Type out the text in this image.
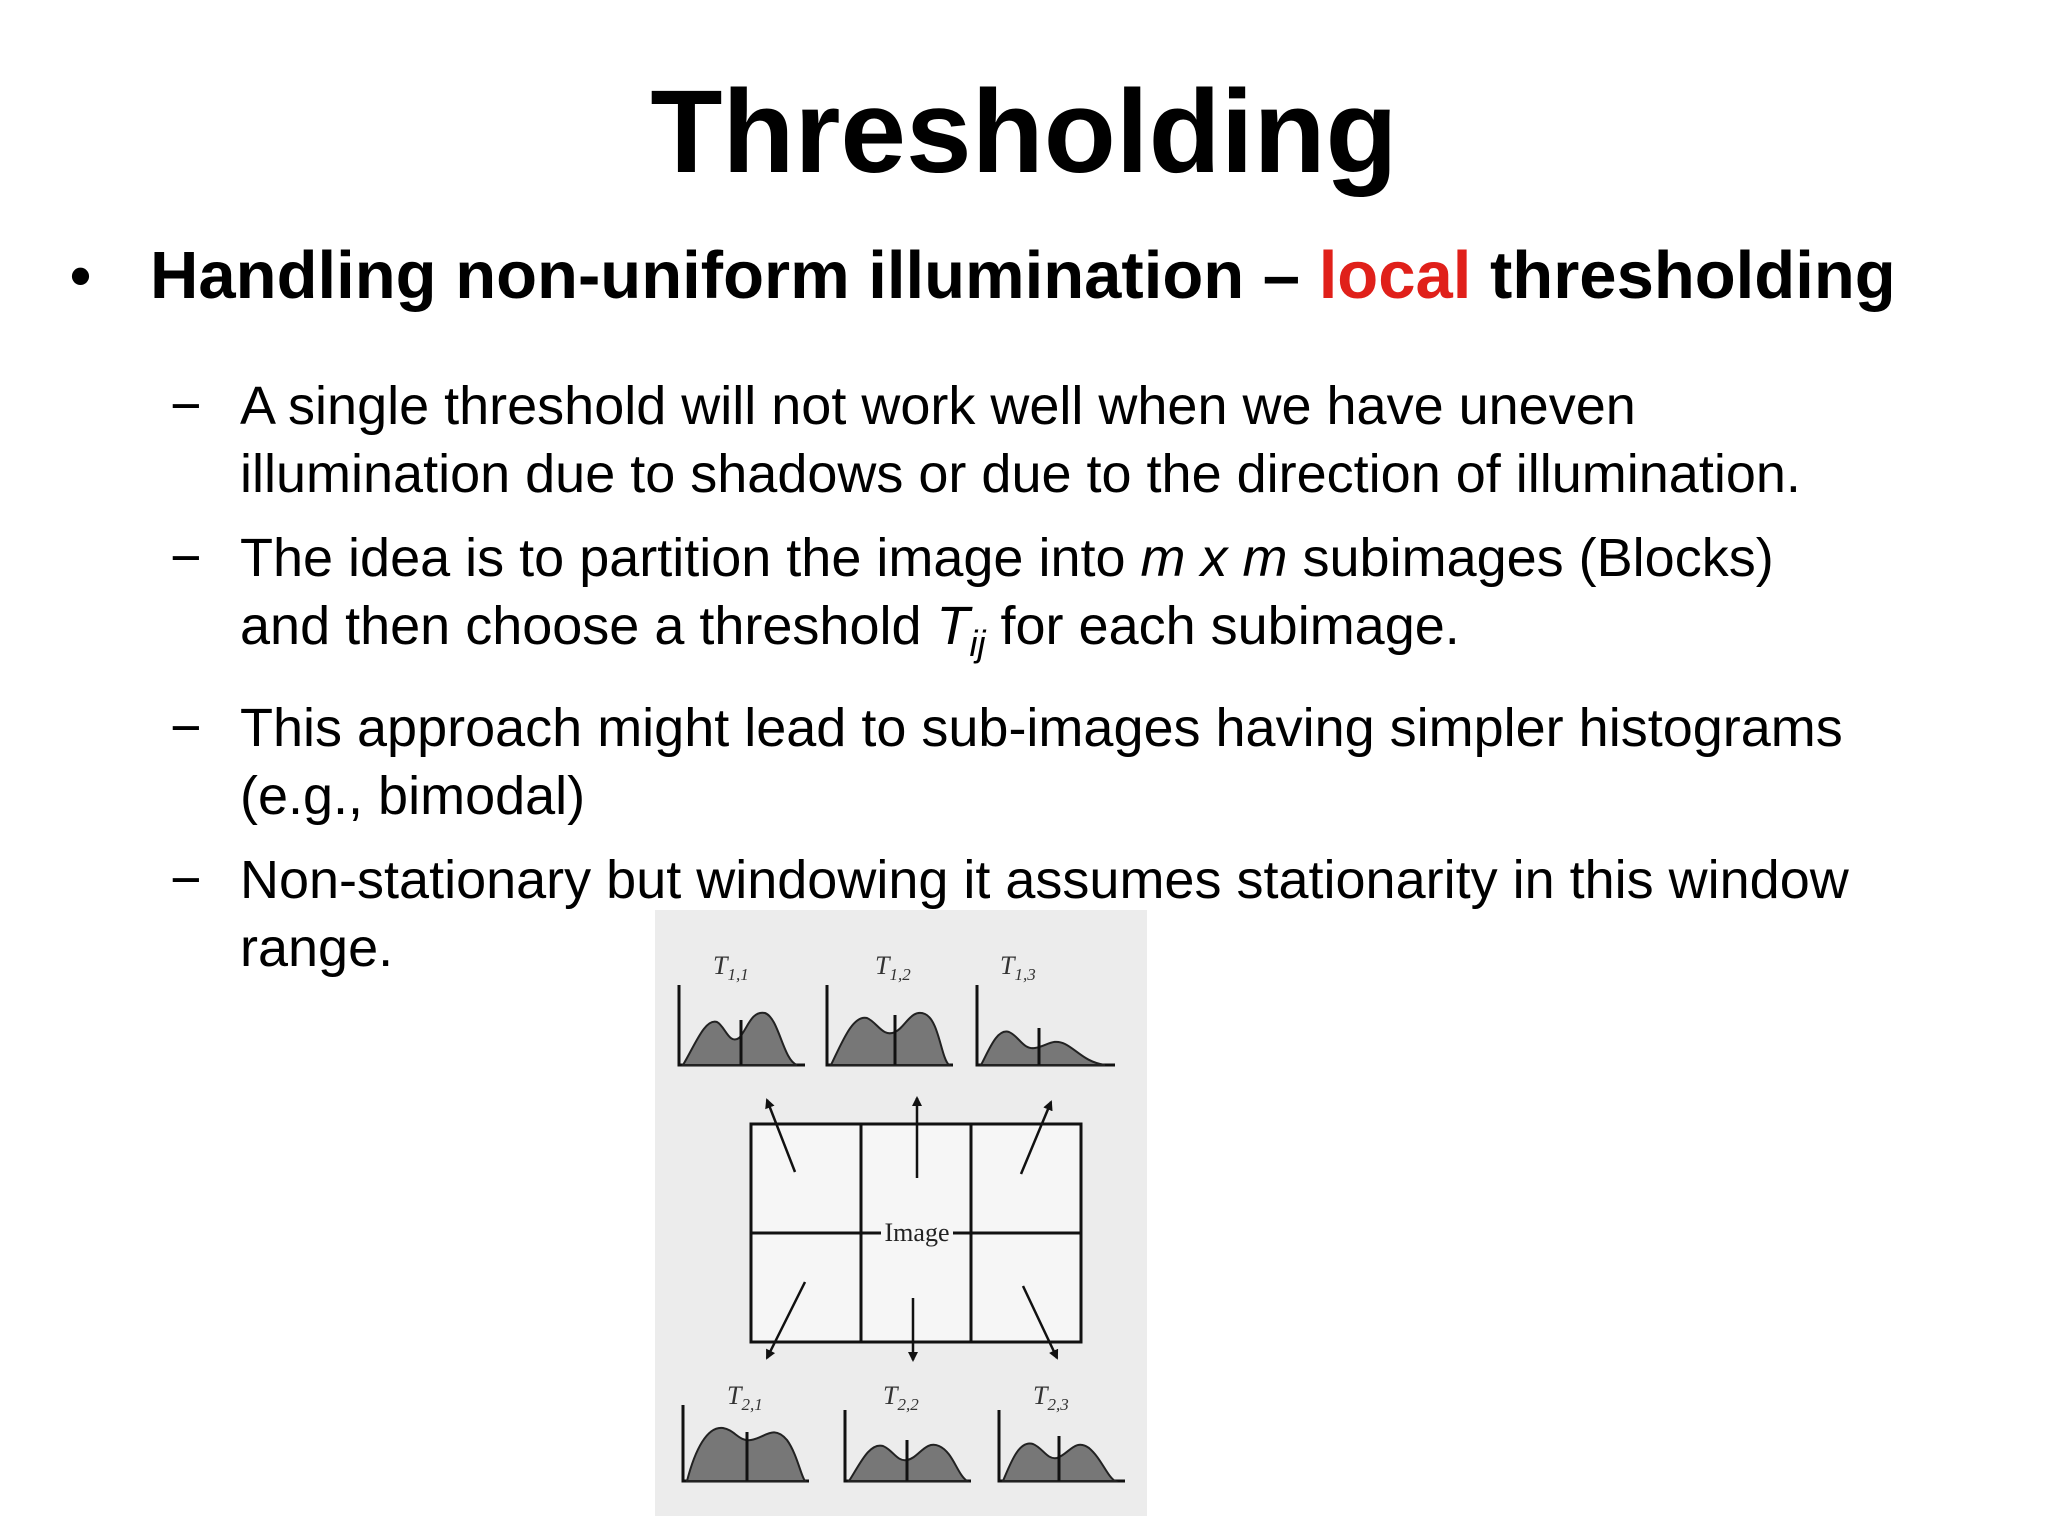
Thresholding
• Handling non-uniform illumination – local thresholding
− A single threshold will not work well when we have uneven
illumination due to shadows or due to the direction of illumination.
− The idea is to partition the image into m x m subimages (Blocks)
and then choose a threshold $T_{ij}$ for each subimage.
− This approach might lead to sub-images having simpler histograms
(e.g., bimodal)
− Non-stationary but windowing it assumes stationarity in this window
range.	$T_{1,1}$	$T_{1,2}$	$T_{1,3}$
Image
$T_{2,1}$	$T_{2,2}$	$T_{2,3}$
